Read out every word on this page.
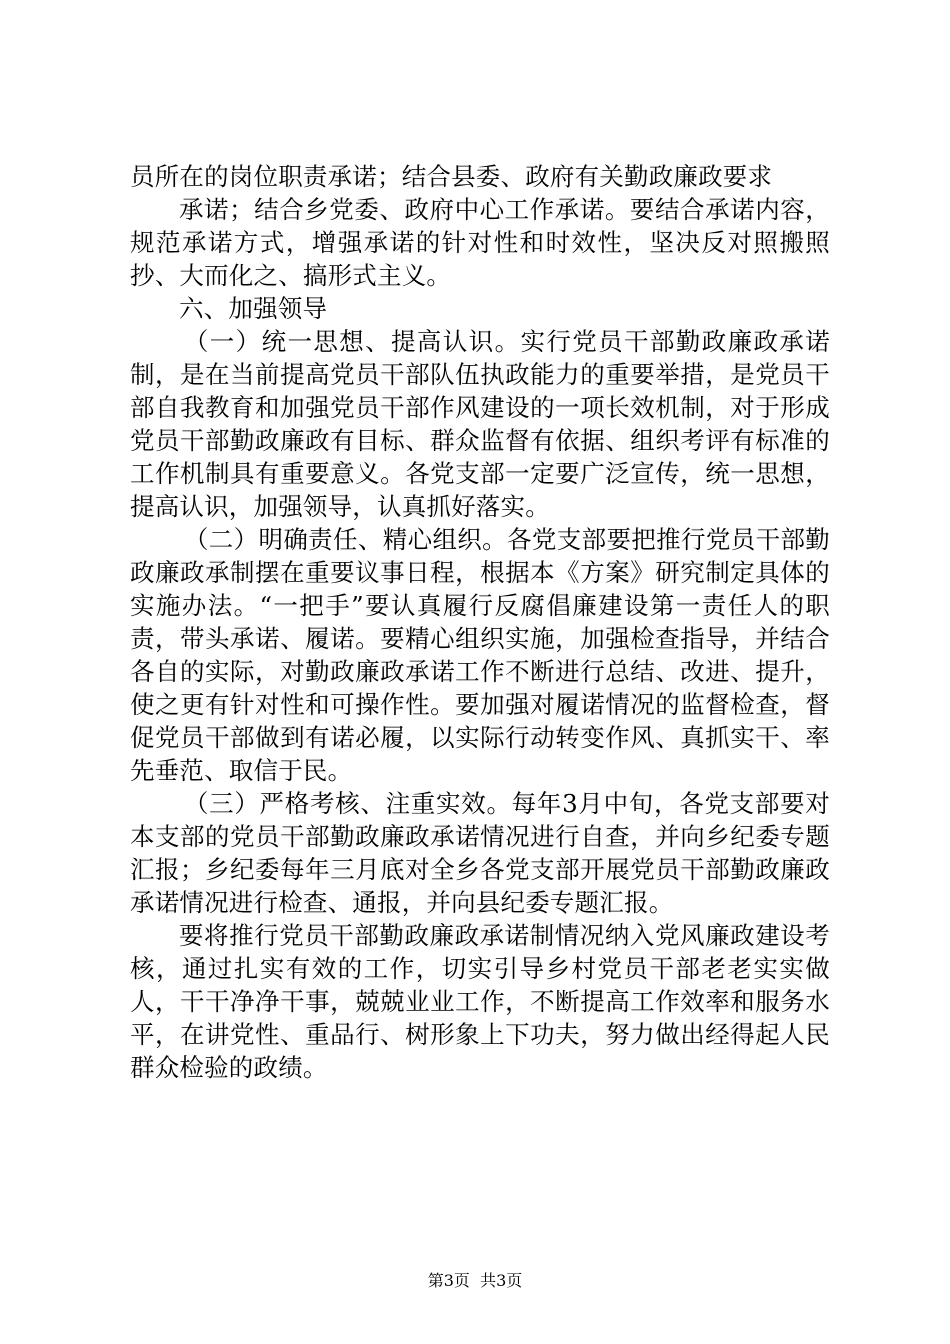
员所在的岗位职责承诺；结合县委、政府有关勤政廉政要求

承诺；结合乡党委、政府中心工作承诺。要结合承诺内容，规范承诺方式，增强承诺的针对性和时效性，坚决反对照搬照抄、大而化之、搞形式主义。

六、加强领导

（一）统一思想、提高认识。实行党员干部勤政廉政承诺制，是在当前提高党员干部队伍执政能力的重要举措，是党员干部自我教育和加强党员干部作风建设的一项长效机制，对于形成党员干部勤政廉政有目标、群众监督有依据、组织考评有标准的工作机制具有重要意义。各党支部一定要广泛宣传，统一思想，提高认识，加强领导，认真抓好落实。

（二）明确责任、精心组织。各党支部要把推行党员干部勤政廉政承制摆在重要议事日程，根据本《方案》研究制定具体的实施办法。“一把手”要认真履行反腐倡廉建设第一责任人的职责，带头承诺、履诺。要精心组织实施，加强检查指导，并结合各自的实际，对勤政廉政承诺工作不断进行总结、改进、提升，使之更有针对性和可操作性。要加强对履诺情况的监督检查，督促党员干部做到有诺必履，以实际行动转变作风、真抓实干、率先垂范、取信于民。

（三）严格考核、注重实效。每年3月中旬，各党支部要对本支部的党员干部勤政廉政承诺情况进行自查，并向乡纪委专题汇报；乡纪委每年三月底对全乡各党支部开展党员干部勤政廉政承诺情况进行检查、通报，并向县纪委专题汇报。

要将推行党员干部勤政廉政承诺制情况纳入党风廉政建设考核，通过扎实有效的工作，切实引导乡村党员干部老老实实做人，干干净净干事，兢兢业业工作，不断提高工作效率和服务水平，在讲党性、重品行、树形象上下功夫，努力做出经得起人民群众检验的政绩。

第3页  共3页
